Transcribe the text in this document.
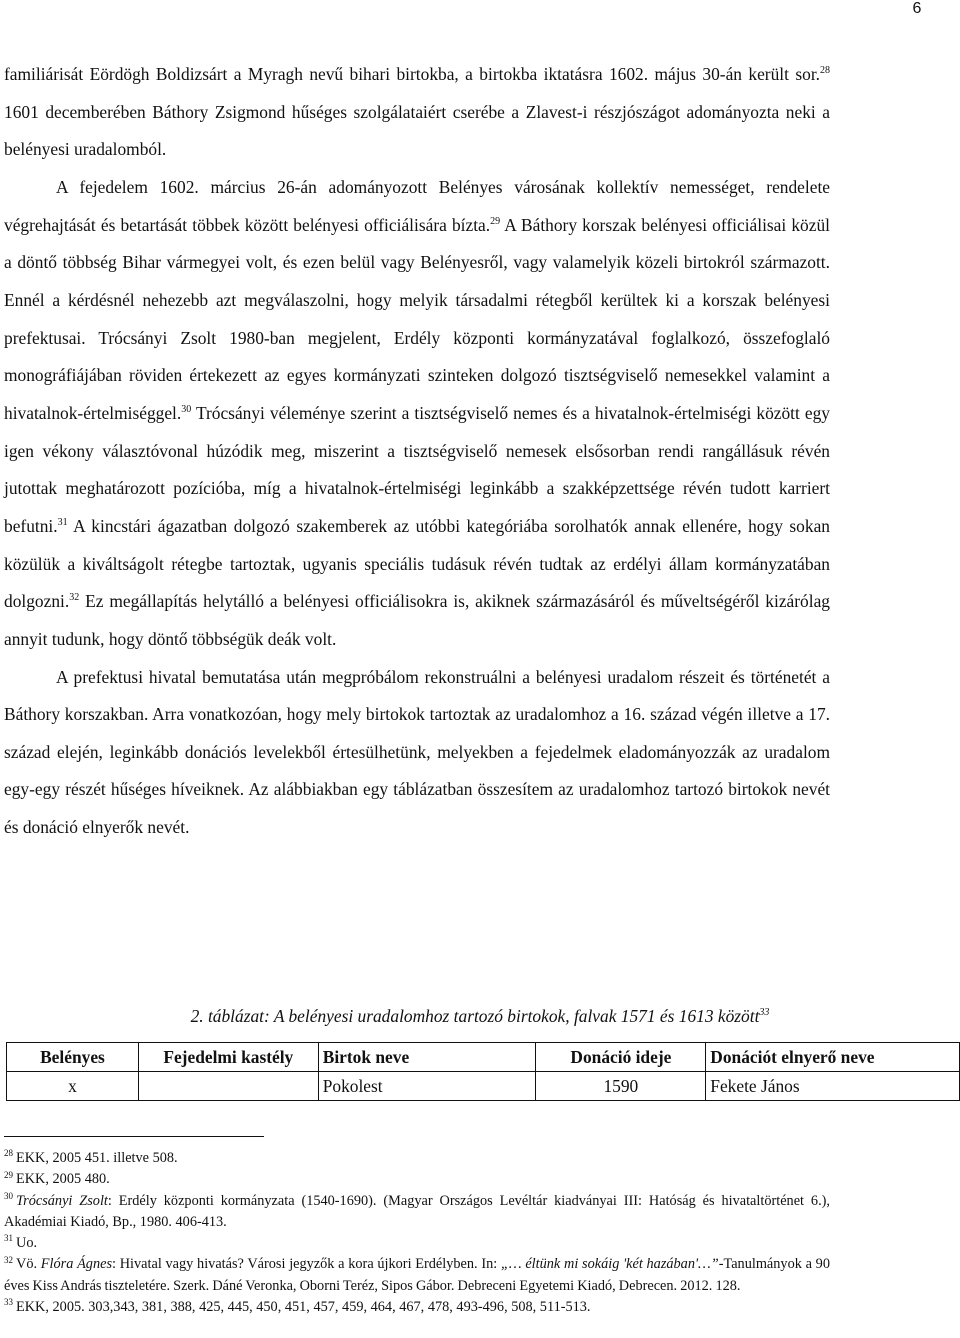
6

familiárisát Eördögh Boldizsárt a Myragh nevű bihari birtokba, a birtokba iktatásra 1602. május 30-án került sor.$^{28}$ 1601 decemberében Báthory Zsigmond hűséges szolgálataiért cserébe a Zlavest-i részjószágot adományozta neki a belényesi uradalomból.

A fejedelem 1602. március 26-án adományozott Belényes városának kollektív nemességet, rendelete végrehajtását és betartását többek között belényesi officiálisára bízta.$^{29}$ A Báthory korszak belényesi officiálisai közül a döntő többség Bihar vármegyei volt, és ezen belül vagy Belényesről, vagy valamelyik közeli birtokról származott. Ennél a kérdésnél nehezebb azt megválaszolni, hogy melyik társadalmi rétegből kerültek ki a korszak belényesi prefektusai. Trócsányi Zsolt 1980-ban megjelent, Erdély központi kormányzatával foglalkozó, összefoglaló monográfiájában röviden értekezett az egyes kormányzati szinteken dolgozó tisztségviselő nemesekkel valamint a hivatalnok-értelmiséggel.$^{30}$ Trócsányi véleménye szerint a tisztségviselő nemes és a hivatalnok-értelmiségi között egy igen vékony választóvonal húzódik meg, miszerint a tisztségviselő nemesek elsősorban rendi rangállásuk révén jutottak meghatározott pozícióba, míg a hivatalnok-értelmiségi leginkább a szakképzettsége révén tudott karriert befutni.$^{31}$ A kincstári ágazatban dolgozó szakemberek az utóbbi kategóriába sorolhatók annak ellenére, hogy sokan közülük a kiváltságolt rétegbe tartoztak, ugyanis speciális tudásuk révén tudtak az erdélyi állam kormányzatában dolgozni.$^{32}$ Ez megállapítás helytálló a belényesi officiálisokra is, akiknek származásáról és műveltségéről kizárólag annyit tudunk, hogy döntő többségük deák volt.

A prefektusi hivatal bemutatása után megpróbálom rekonstruálni a belényesi uradalom részeit és történetét a Báthory korszakban. Arra vonatkozóan, hogy mely birtokok tartoztak az uradalomhoz a 16. század végén illetve a 17. század elején, leginkább donációs levelekből értesülhetünk, melyekben a fejedelmek eladományozzák az uradalom egy-egy részét hűséges híveiknek. Az alábbiakban egy táblázatban összesítem az uradalomhoz tartozó birtokok nevét és donáció elnyerők nevét.

2. táblázat: A belényesi uradalomhoz tartozó birtokok, falvak 1571 és 1613 között$^{33}$
Belényes	Fejedelmi kastély	Birtok neve	Donáció ideje	Donációt elnyerő neve
x		Pokolest	1590	Fekete János

$^{28}$ EKK, 2005 451. illetve 508.

$^{29}$ EKK, 2005 480.

$^{30}$ Trócsányi Zsolt: Erdély központi kormányzata (1540-1690). (Magyar Országos Levéltár kiadványai III: Hatóság és hivataltörténet 6.), Akadémiai Kiadó, Bp., 1980. 406-413.

$^{31}$ Uo.

$^{32}$ Vö. Flóra Ágnes: Hivatal vagy hivatás? Városi jegyzők a kora újkori Erdélyben. In: „… éltünk mi sokáig 'két hazában'…”-Tanulmányok a 90 éves Kiss András tiszteletére. Szerk. Dáné Veronka, Oborni Teréz, Sipos Gábor. Debreceni Egyetemi Kiadó, Debrecen. 2012. 128.

$^{33}$ EKK, 2005. 303,343, 381, 388, 425, 445, 450, 451, 457, 459, 464, 467, 478, 493-496, 508, 511-513.
